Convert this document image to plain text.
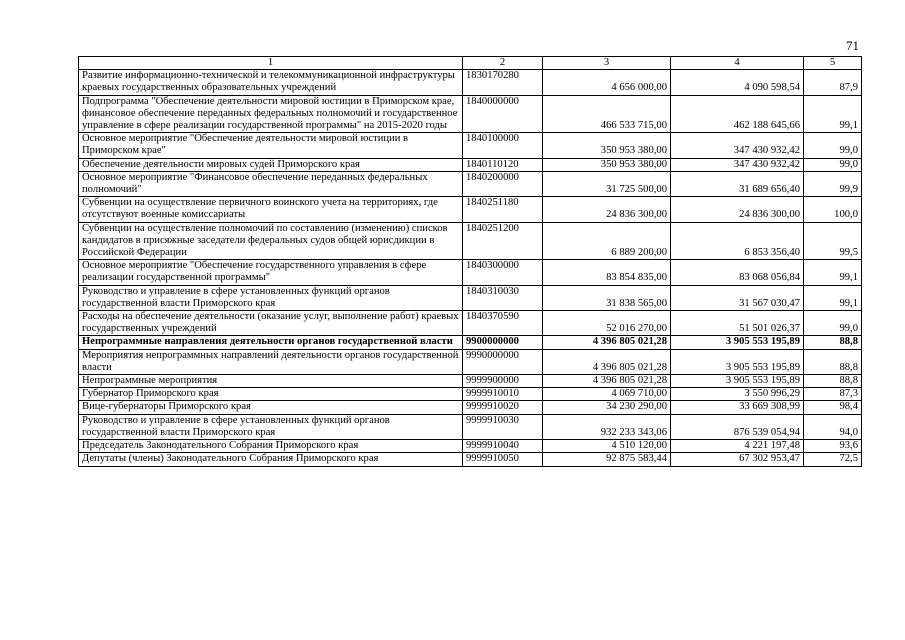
71
1	2	3	4	5
Развитие информационно-технической и телекоммуникационной инфраструктуры краевых государственных образовательных учреждений	1830170280	4 656 000,00	4 090 598,54	87,9
Подпрограмма "Обеспечение деятельности мировой юстиции в Приморском крае, финансовое обеспечение переданных федеральных полномочий и государственное управление в сфере реализации государственной программы" на 2015-2020 годы	1840000000	466 533 715,00	462 188 645,66	99,1
Основное мероприятие "Обеспечение деятельности мировой юстиции в Приморском крае"	1840100000	350 953 380,00	347 430 932,42	99,0
Обеспечение деятельности мировых судей Приморского края	1840110120	350 953 380,00	347 430 932,42	99,0
Основное мероприятие "Финансовое обеспечение переданных федеральных полномочий"	1840200000	31 725 500,00	31 689 656,40	99,9
Субвенции на осуществление первичного воинского учета на территориях, где отсутствуют военные комиссариаты	1840251180	24 836 300,00	24 836 300,00	100,0
Субвенции на осуществление полномочий по составлению (изменению) списков кандидатов в присяжные заседатели федеральных судов общей юрисдикции в Российской Федерации	1840251200	6 889 200,00	6 853 356,40	99,5
Основное мероприятие "Обеспечение государственного управления в сфере реализации государственной программы"	1840300000	83 854 835,00	83 068 056,84	99,1
Руководство и управление в сфере установленных функций органов государственной власти Приморского края	1840310030	31 838 565,00	31 567 030,47	99,1
Расходы на обеспечение деятельности (оказание услуг, выполнение работ) краевых государственных учреждений	1840370590	52 016 270,00	51 501 026,37	99,0
Непрограммные направления деятельности органов государственной власти	9900000000	4 396 805 021,28	3 905 553 195,89	88,8
Мероприятия непрограммных направлений деятельности органов государственной власти	9990000000	4 396 805 021,28	3 905 553 195,89	88,8
Непрограммные мероприятия	9999900000	4 396 805 021,28	3 905 553 195,89	88,8
Губернатор Приморского края	9999910010	4 069 710,00	3 550 996,29	87,3
Вице-губернаторы Приморского края	9999910020	34 230 290,00	33 669 308,99	98,4
Руководство и управление в сфере установленных функций органов государственной власти Приморского края	9999910030	932 233 343,06	876 539 054,94	94,0
Председатель Законодательного Собрания Приморского края	9999910040	4 510 120,00	4 221 197,48	93,6
Депутаты (члены) Законодательного Собрания Приморского края	9999910050	92 875 583,44	67 302 953,47	72,5
